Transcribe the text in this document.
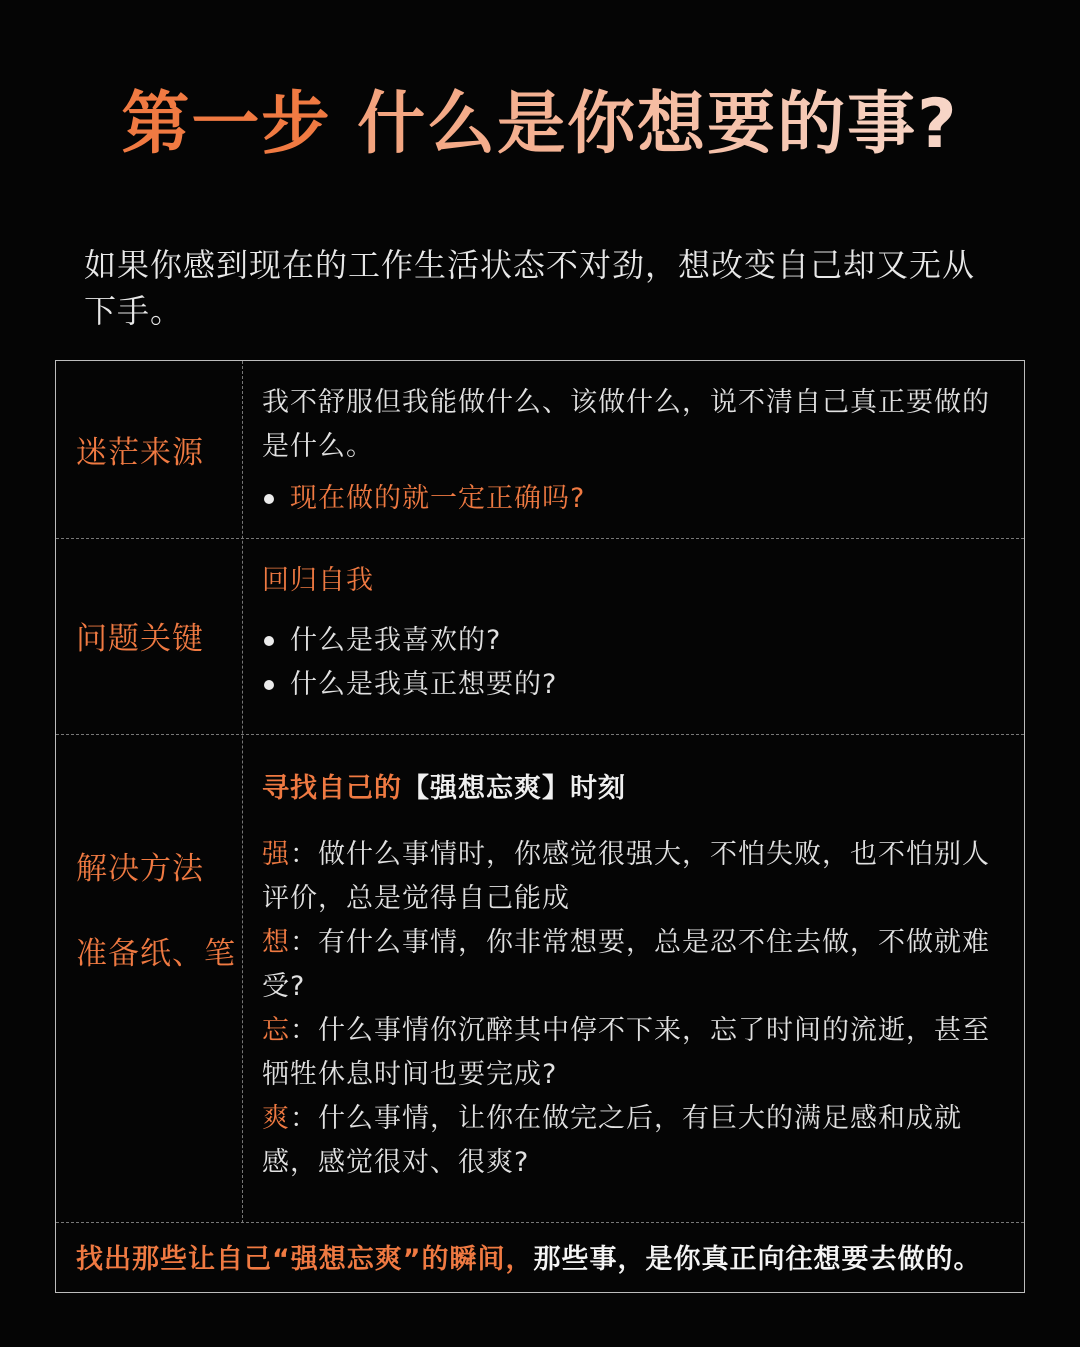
第一步 什么是你想要的事?
如果你感到现在的工作生活状态不对劲，想改变自己却又无从下手。
迷茫来源
我不舒服但我能做什么、该做什么，说不清自己真正要做的是什么。
现在做的就一定正确吗?
问题关键
回归自我
什么是我喜欢的?
什么是我真正想要的?
解决方法
准备纸、笔
寻找自己的【强想忘爽】时刻
强：做什么事情时，你感觉很强大，不怕失败，也不怕别人评价，总是觉得自己能成
想：有什么事情，你非常想要，总是忍不住去做，不做就难受?
忘：什么事情你沉醉其中停不下来，忘了时间的流逝，甚至牺牲休息时间也要完成?
爽：什么事情，让你在做完之后，有巨大的满足感和成就感，感觉很对、很爽?
找出那些让自己“强想忘爽”的瞬间，那些事，是你真正向往想要去做的。
